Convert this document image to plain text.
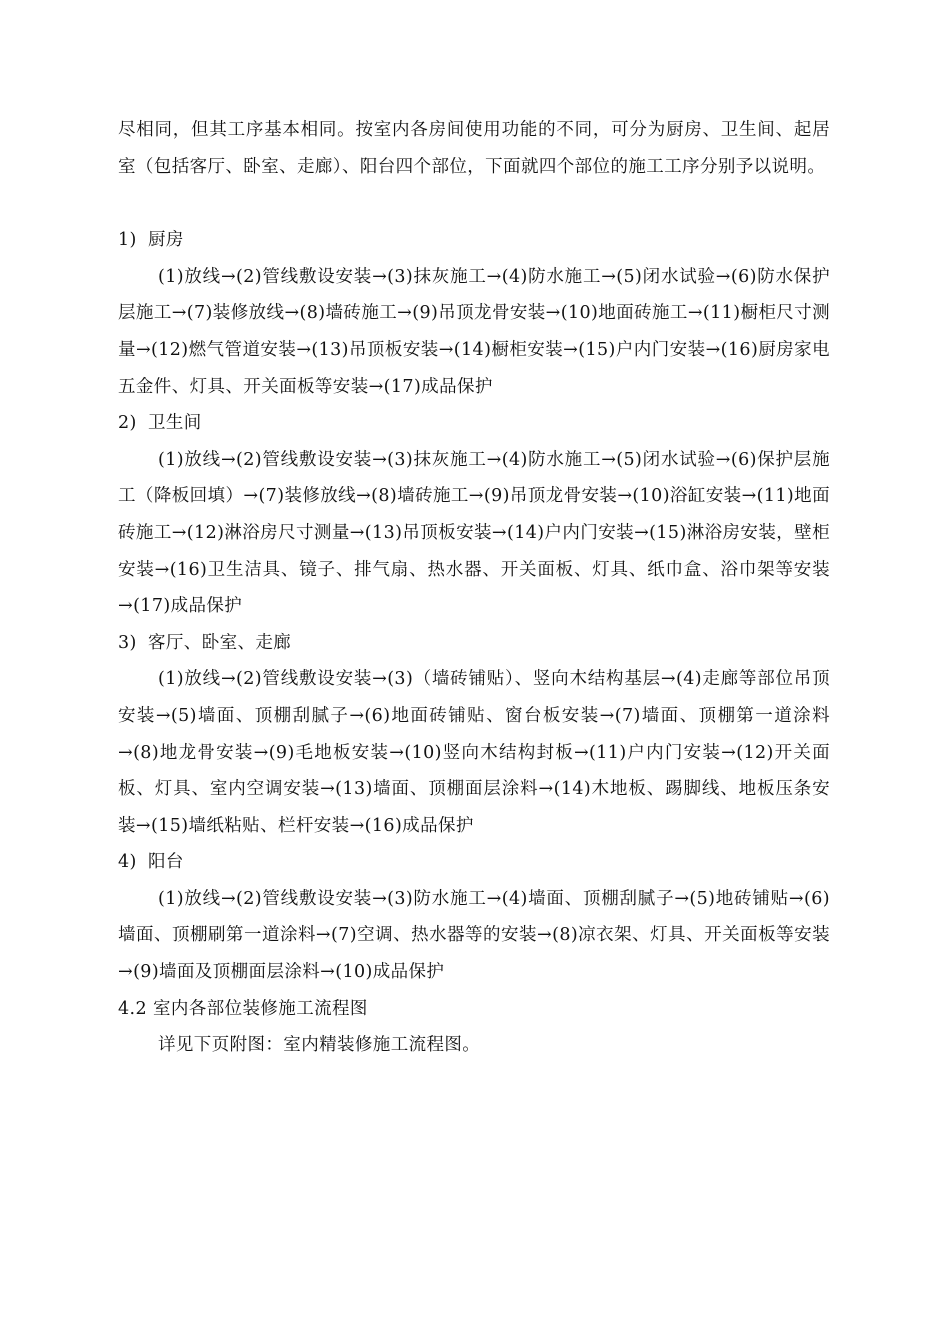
尽相同，但其工序基本相同。按室内各房间使用功能的不同，可分为厨房、卫生间、起居室（包括客厅、卧室、走廊）、阳台四个部位，下面就四个部位的施工工序分别予以说明。

1) 厨房

(1)放线→(2)管线敷设安装→(3)抹灰施工→(4)防水施工→(5)闭水试验→(6)防水保护层施工→(7)装修放线→(8)墙砖施工→(9)吊顶龙骨安装→(10)地面砖施工→(11)橱柜尺寸测量→(12)燃气管道安装→(13)吊顶板安装→(14)橱柜安装→(15)户内门安装→(16)厨房家电五金件、灯具、开关面板等安装→(17)成品保护

2) 卫生间

(1)放线→(2)管线敷设安装→(3)抹灰施工→(4)防水施工→(5)闭水试验→(6)保护层施工（降板回填）→(7)装修放线→(8)墙砖施工→(9)吊顶龙骨安装→(10)浴缸安装→(11)地面砖施工→(12)淋浴房尺寸测量→(13)吊顶板安装→(14)户内门安装→(15)淋浴房安装，壁柜安装→(16)卫生洁具、镜子、排气扇、热水器、开关面板、灯具、纸巾盒、浴巾架等安装→(17)成品保护

3) 客厅、卧室、走廊

(1)放线→(2)管线敷设安装→(3)（墙砖铺贴）、竖向木结构基层→(4)走廊等部位吊顶安装→(5)墙面、顶棚刮腻子→(6)地面砖铺贴、窗台板安装→(7)墙面、顶棚第一道涂料→(8)地龙骨安装→(9)毛地板安装→(10)竖向木结构封板→(11)户内门安装→(12)开关面板、灯具、室内空调安装→(13)墙面、顶棚面层涂料→(14)木地板、踢脚线、地板压条安装→(15)墙纸粘贴、栏杆安装→(16)成品保护

4) 阳台

(1)放线→(2)管线敷设安装→(3)防水施工→(4)墙面、顶棚刮腻子→(5)地砖铺贴→(6)墙面、顶棚刷第一道涂料→(7)空调、热水器等的安装→(8)凉衣架、灯具、开关面板等安装→(9)墙面及顶棚面层涂料→(10)成品保护

4.2 室内各部位装修施工流程图

详见下页附图：室内精装修施工流程图。
